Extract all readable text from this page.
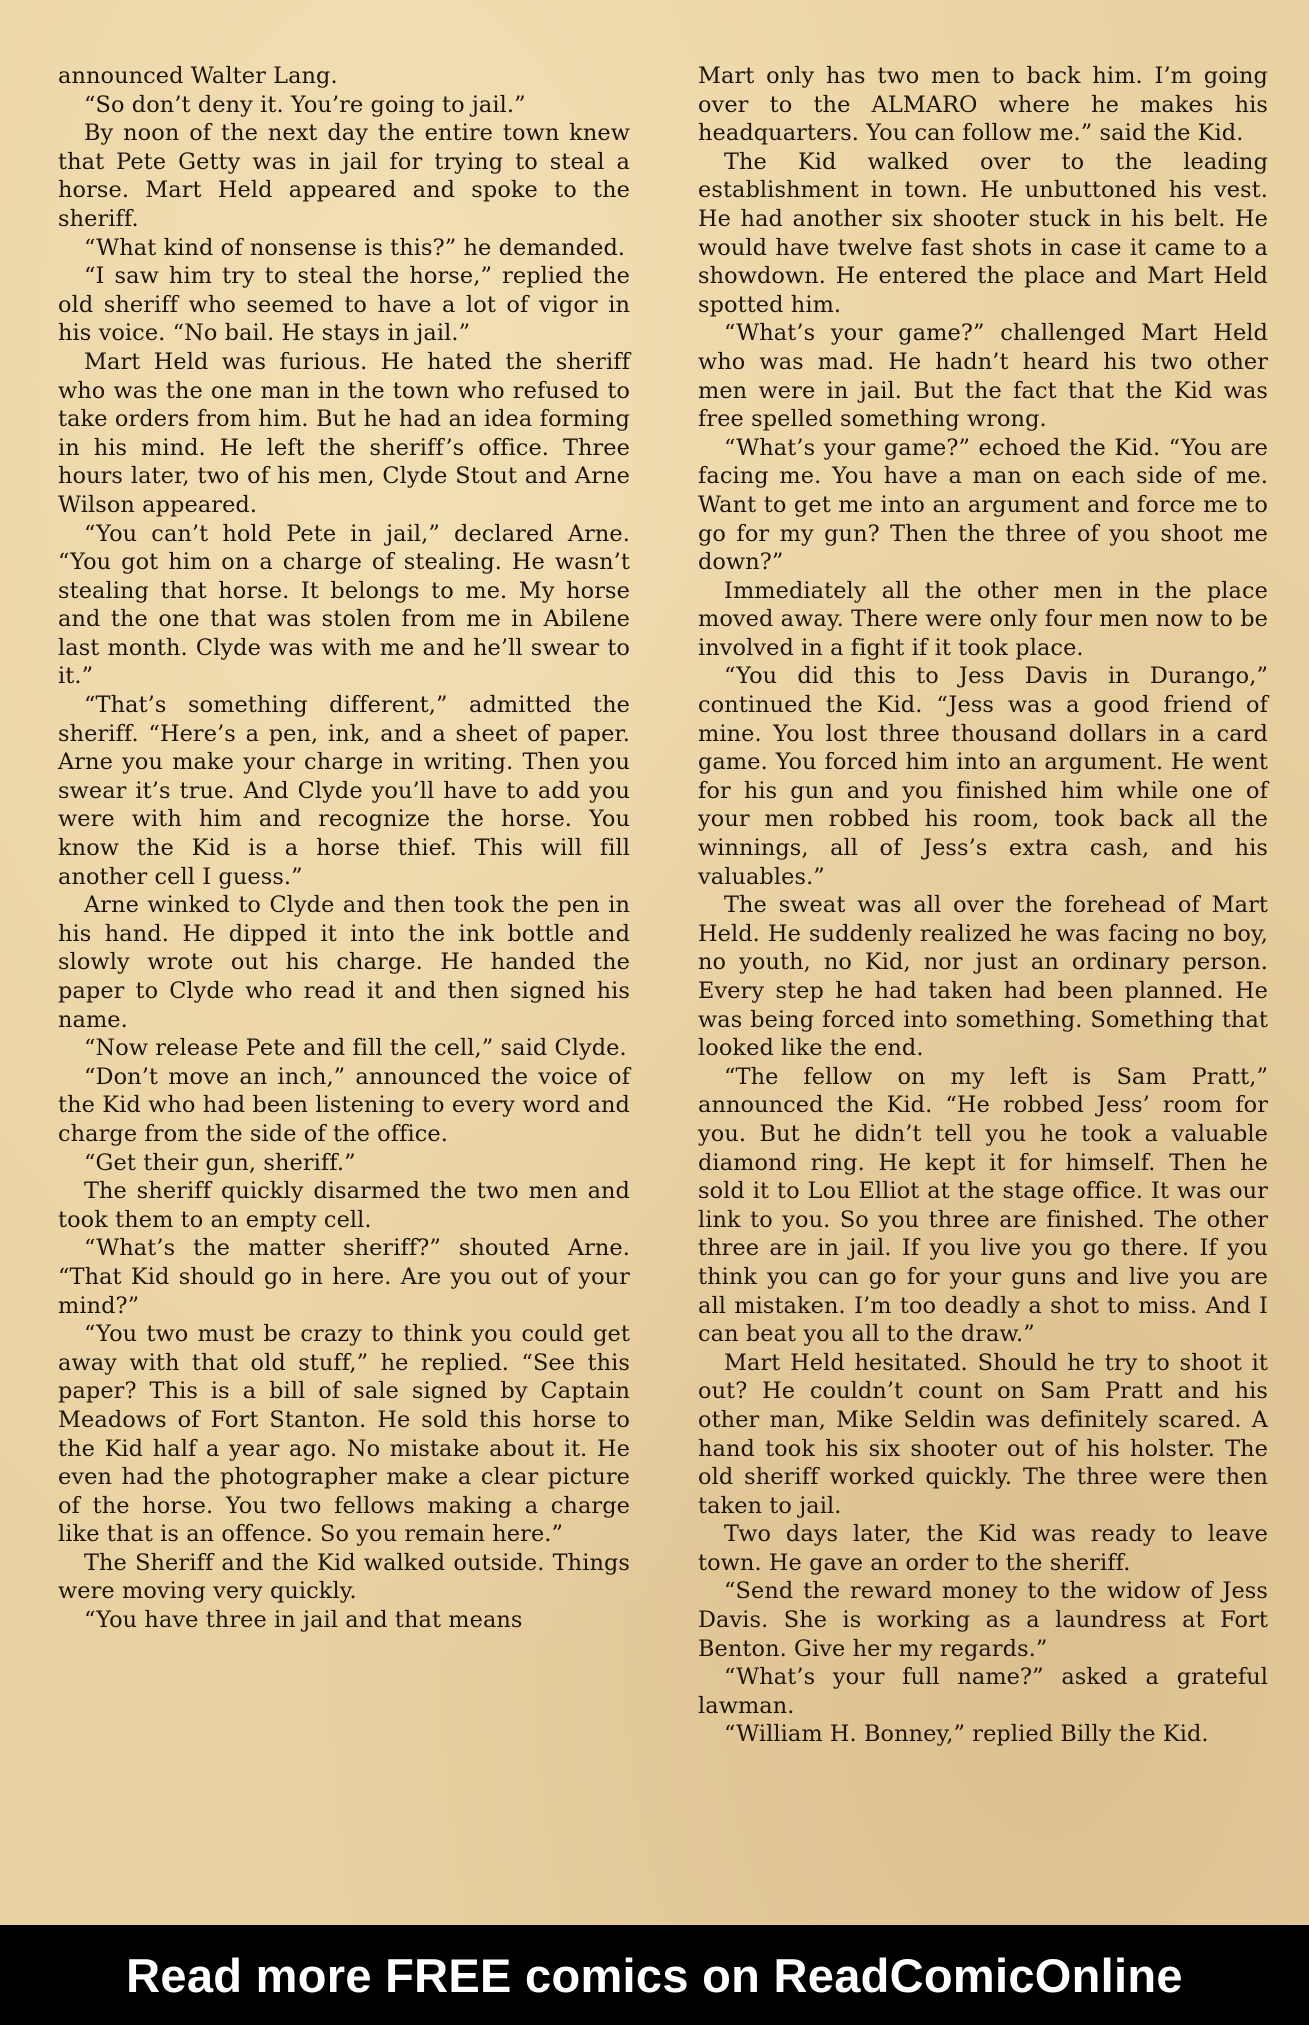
announced Walter Lang.

“So don’t deny it. You’re going to jail.”

By noon of the next day the entire town knew that Pete Getty was in jail for trying to steal a horse. Mart Held appeared and spoke to the sheriff.

“What kind of nonsense is this?” he demanded.

“I saw him try to steal the horse,” replied the old sheriff who seemed to have a lot of vigor in his voice. “No bail. He stays in jail.”

Mart Held was furious. He hated the sheriff who was the one man in the town who refused to take orders from him. But he had an idea forming in his mind. He left the sheriff’s office. Three hours later, two of his men, Clyde Stout and Arne Wilson appeared.

“You can’t hold Pete in jail,” declared Arne. “You got him on a charge of stealing. He wasn’t stealing that horse. It belongs to me. My horse and the one that was stolen from me in Abilene last month. Clyde was with me and he’ll swear to it.”

“That’s something different,” admitted the sheriff. “Here’s a pen, ink, and a sheet of paper. Arne you make your charge in writing. Then you swear it’s true. And Clyde you’ll have to add you were with him and recognize the horse. You know the Kid is a horse thief. This will fill another cell I guess.”

Arne winked to Clyde and then took the pen in his hand. He dipped it into the ink bottle and slowly wrote out his charge. He handed the paper to Clyde who read it and then signed his name.

“Now release Pete and fill the cell,” said Clyde.

“Don’t move an inch,” announced the voice of the Kid who had been listening to every word and charge from the side of the office.

“Get their gun, sheriff.”

The sheriff quickly disarmed the two men and took them to an empty cell.

“What’s the matter sheriff?” shouted Arne. “That Kid should go in here. Are you out of your mind?”

“You two must be crazy to think you could get away with that old stuff,” he replied. “See this paper? This is a bill of sale signed by Captain Meadows of Fort Stanton. He sold this horse to the Kid half a year ago. No mistake about it. He even had the photographer make a clear picture of the horse. You two fellows making a charge like that is an offence. So you remain here.”

The Sheriff and the Kid walked outside. Things were moving very quickly.

“You have three in jail and that means

Mart only has two men to back him. I’m going over to the ALMARO where he makes his headquarters. You can follow me.” said the Kid.

The Kid walked over to the leading establishment in town. He unbuttoned his vest. He had another six shooter stuck in his belt. He would have twelve fast shots in case it came to a showdown. He entered the place and Mart Held spotted him.

“What’s your game?” challenged Mart Held who was mad. He hadn’t heard his two other men were in jail. But the fact that the Kid was free spelled something wrong.

“What’s your game?” echoed the Kid. “You are facing me. You have a man on each side of me. Want to get me into an argument and force me to go for my gun? Then the three of you shoot me down?”

Immediately all the other men in the place moved away. There were only four men now to be involved in a fight if it took place.

“You did this to Jess Davis in Durango,” continued the Kid. “Jess was a good friend of mine. You lost three thousand dollars in a card game. You forced him into an argument. He went for his gun and you finished him while one of your men robbed his room, took back all the winnings, all of Jess’s extra cash, and his valuables.”

The sweat was all over the forehead of Mart Held. He suddenly realized he was facing no boy, no youth, no Kid, nor just an ordinary person. Every step he had taken had been planned. He was being forced into something. Something that looked like the end.

“The fellow on my left is Sam Pratt,” announced the Kid. “He robbed Jess’ room for you. But he didn’t tell you he took a valuable diamond ring. He kept it for himself. Then he sold it to Lou Elliot at the stage office. It was our link to you. So you three are finished. The other three are in jail. If you live you go there. If you think you can go for your guns and live you are all mistaken. I’m too deadly a shot to miss. And I can beat you all to the draw.”

Mart Held hesitated. Should he try to shoot it out? He couldn’t count on Sam Pratt and his other man, Mike Seldin was definitely scared. A hand took his six shooter out of his holster. The old sheriff worked quickly. The three were then taken to jail.

Two days later, the Kid was ready to leave town. He gave an order to the sheriff.

“Send the reward money to the widow of Jess Davis. She is working as a laundress at Fort Benton. Give her my regards.”

“What’s your full name?” asked a grateful lawman.

“William H. Bonney,” replied Billy the Kid.

Read more FREE comics on ReadComicOnline
